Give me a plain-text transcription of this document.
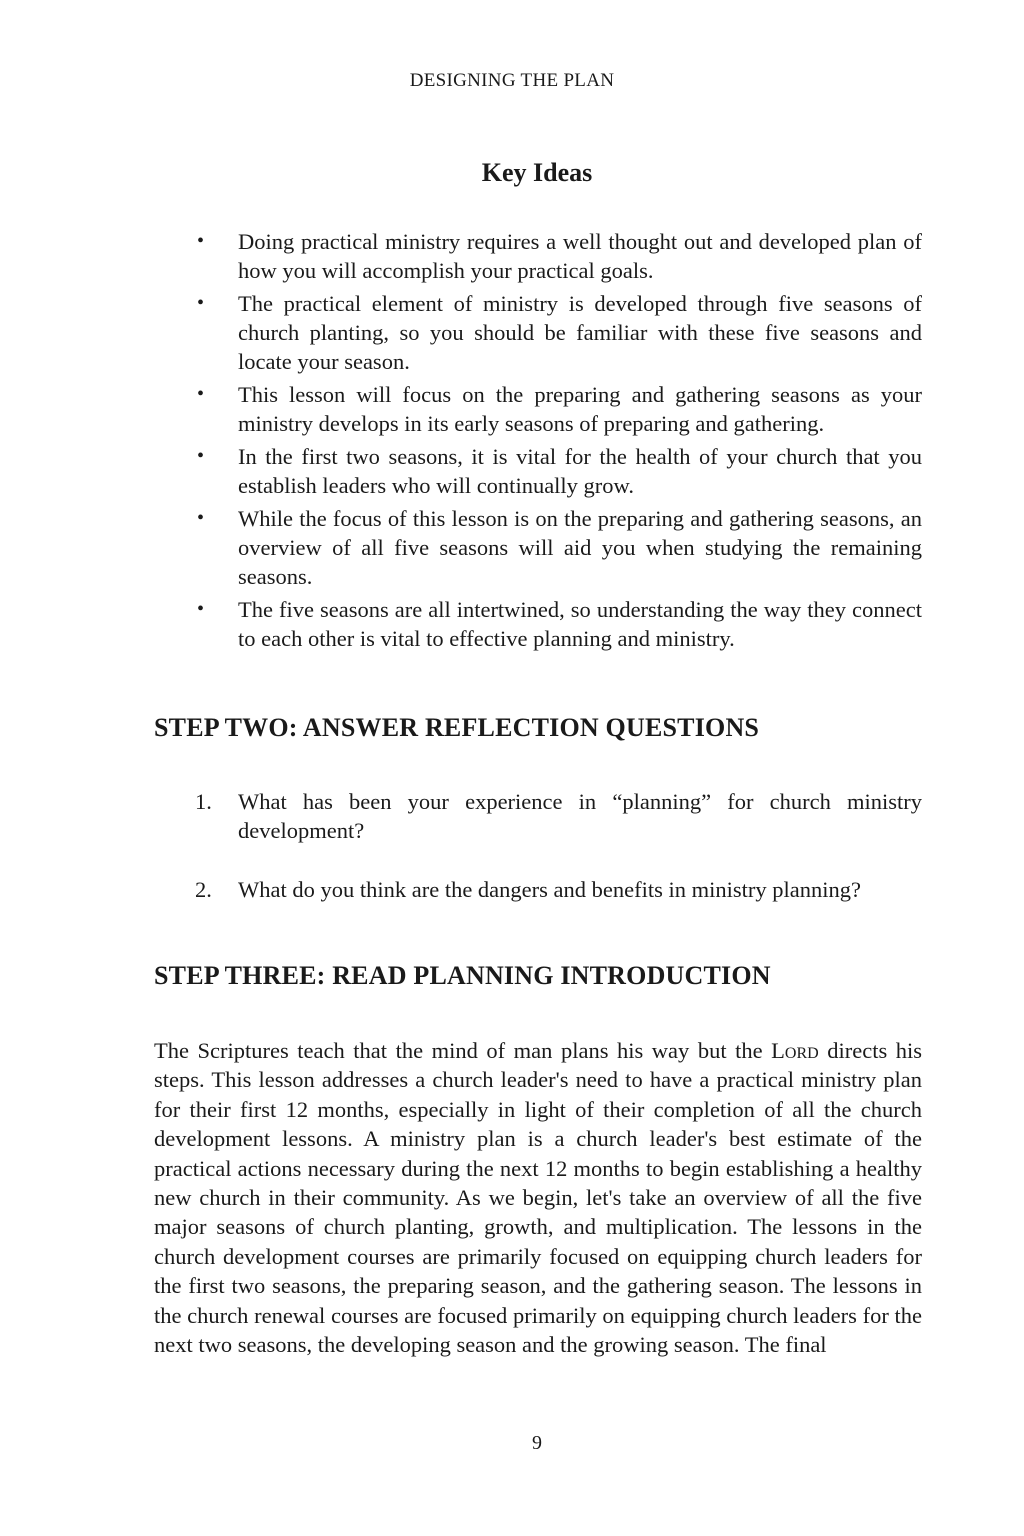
DESIGNING THE PLAN
Key Ideas
• Doing practical ministry requires a well thought out and developed plan of how you will accomplish your practical goals.
• The practical element of ministry is developed through five seasons of church planting, so you should be familiar with these five seasons and locate your season.
• This lesson will focus on the preparing and gathering seasons as your ministry develops in its early seasons of preparing and gathering.
• In the first two seasons, it is vital for the health of your church that you establish leaders who will continually grow.
• While the focus of this lesson is on the preparing and gathering seasons, an overview of all five seasons will aid you when studying the remaining seasons.
• The five seasons are all intertwined, so understanding the way they connect to each other is vital to effective planning and ministry.
STEP TWO: ANSWER REFLECTION QUESTIONS
1. What has been your experience in “planning” for church ministry development?
2. What do you think are the dangers and benefits in ministry planning?
STEP THREE: READ PLANNING INTRODUCTION

The Scriptures teach that the mind of man plans his way but the Lord directs his steps. This lesson addresses a church leader's need to have a practical ministry plan for their first 12 months, especially in light of their completion of all the church development lessons. A ministry plan is a church leader's best estimate of the practical actions necessary during the next 12 months to begin establishing a healthy new church in their community. As we begin, let's take an overview of all the five major seasons of church planting, growth, and multiplication. The lessons in the church development courses are primarily focused on equipping church leaders for the first two seasons, the preparing season, and the gathering season. The lessons in the church renewal courses are focused primarily on equipping church leaders for the next two seasons, the developing season and the growing season. The final

9
